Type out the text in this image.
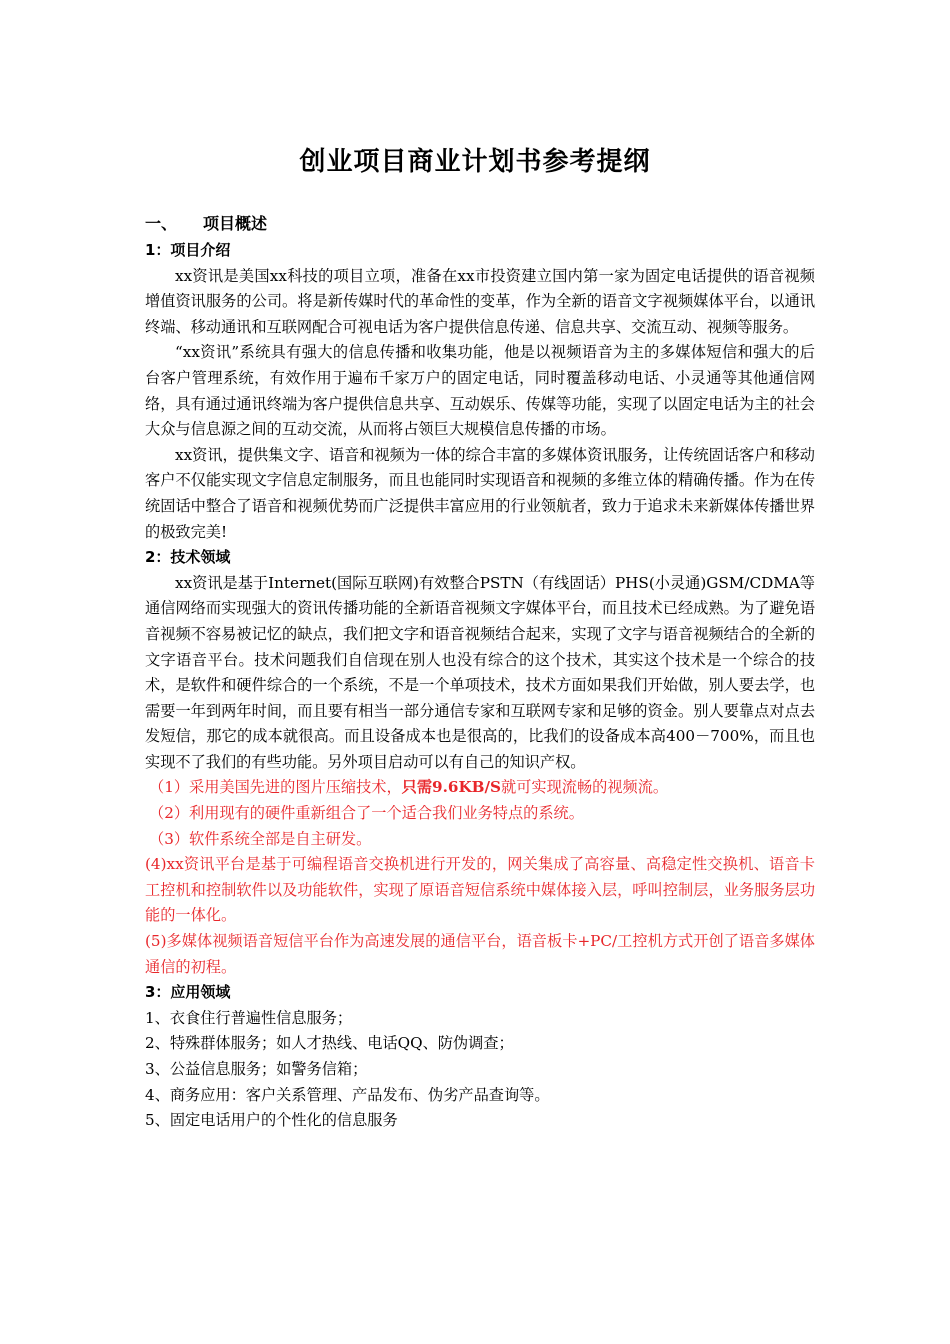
创业项目商业计划书参考提纲
一、 项目概述
1：项目介绍

xx资讯是美国xx科技的项目立项，准备在xx市投资建立国内第一家为固定电话提供的语音视频增值资讯服务的公司。将是新传媒时代的革命性的变革，作为全新的语音文字视频媒体平台，以通讯终端、移动通讯和互联网配合可视电话为客户提供信息传递、信息共享、交流互动、视频等服务。

“xx资讯”系统具有强大的信息传播和收集功能，他是以视频语音为主的多媒体短信和强大的后台客户管理系统，有效作用于遍布千家万户的固定电话，同时覆盖移动电话、小灵通等其他通信网络，具有通过通讯终端为客户提供信息共享、互动娱乐、传媒等功能，实现了以固定电话为主的社会大众与信息源之间的互动交流，从而将占领巨大规模信息传播的市场。

xx资讯，提供集文字、语音和视频为一体的综合丰富的多媒体资讯服务，让传统固话客户和移动客户不仅能实现文字信息定制服务，而且也能同时实现语音和视频的多维立体的精确传播。作为在传统固话中整合了语音和视频优势而广泛提供丰富应用的行业领航者，致力于追求未来新媒体传播世界的极致完美!

2：技术领域

xx资讯是基于Internet(国际互联网)有效整合PSTN（有线固话）PHS(小灵通)GSM/CDMA等通信网络而实现强大的资讯传播功能的全新语音视频文字媒体平台，而且技术已经成熟。为了避免语音视频不容易被记忆的缺点，我们把文字和语音视频结合起来，实现了文字与语音视频结合的全新的文字语音平台。技术问题我们自信现在别人也没有综合的这个技术，其实这个技术是一个综合的技术，是软件和硬件综合的一个系统，不是一个单项技术，技术方面如果我们开始做，别人要去学，也需要一年到两年时间，而且要有相当一部分通信专家和互联网专家和足够的资金。别人要靠点对点去发短信，那它的成本就很高。而且设备成本也是很高的，比我们的设备成本高400－700%，而且也实现不了我们的有些功能。另外项目启动可以有自己的知识产权。

（1）采用美国先进的图片压缩技术，只需9.6KB/S就可实现流畅的视频流。

（2）利用现有的硬件重新组合了一个适合我们业务特点的系统。

（3）软件系统全部是自主研发。

(4)xx资讯平台是基于可编程语音交换机进行开发的，网关集成了高容量、高稳定性交换机、语音卡工控机和控制软件以及功能软件，实现了原语音短信系统中媒体接入层，呼叫控制层，业务服务层功能的一体化。

(5)多媒体视频语音短信平台作为高速发展的通信平台，语音板卡+PC/工控机方式开创了语音多媒体通信的初程。

3：应用领域

1、衣食住行普遍性信息服务；

2、特殊群体服务；如人才热线、电话QQ、防伪调查；

3、公益信息服务；如警务信箱；

4、商务应用：客户关系管理、产品发布、伪劣产品查询等。

5、固定电话用户的个性化的信息服务
